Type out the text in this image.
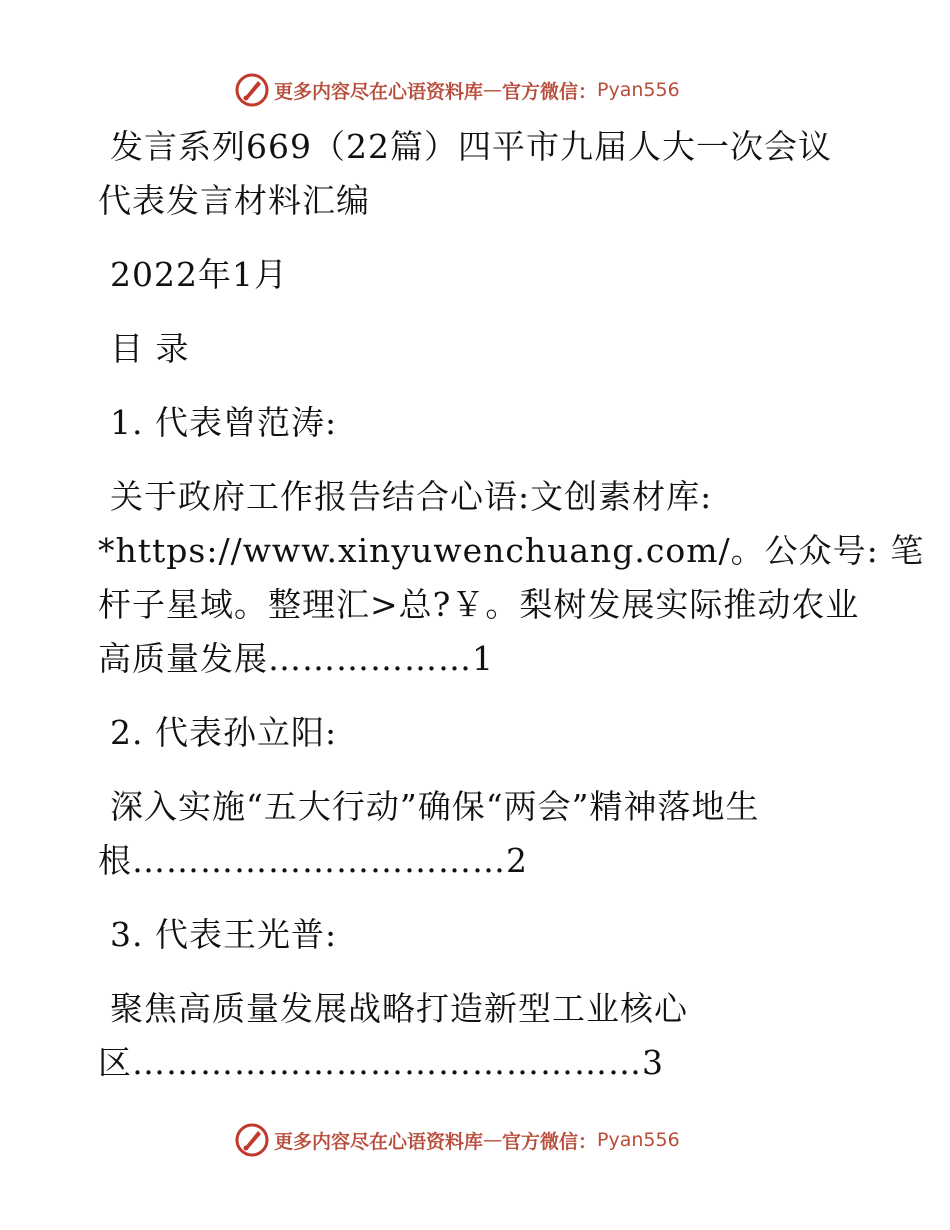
更多内容尽在心语资料库 — 官方微信： Pyan556
发言系列669（22篇）四平市九届人大一次会议
代表发言材料汇编
2022年1月
目 录
1. 代表曾范涛:
关于政府工作报告结合心语:文创素材库:
*https://www.xinyuwenchuang.com/。公众号: 笔
杆子星域。整理汇>总?￥。梨树发展实际推动农业
高质量发展………………1
2. 代表孙立阳:
深入实施“五大行动”确保“两会”精神落地生
根……………………………2
3. 代表王光普:
聚焦高质量发展战略打造新型工业核心
区………………………………………3
更多内容尽在心语资料库 — 官方微信： Pyan556
